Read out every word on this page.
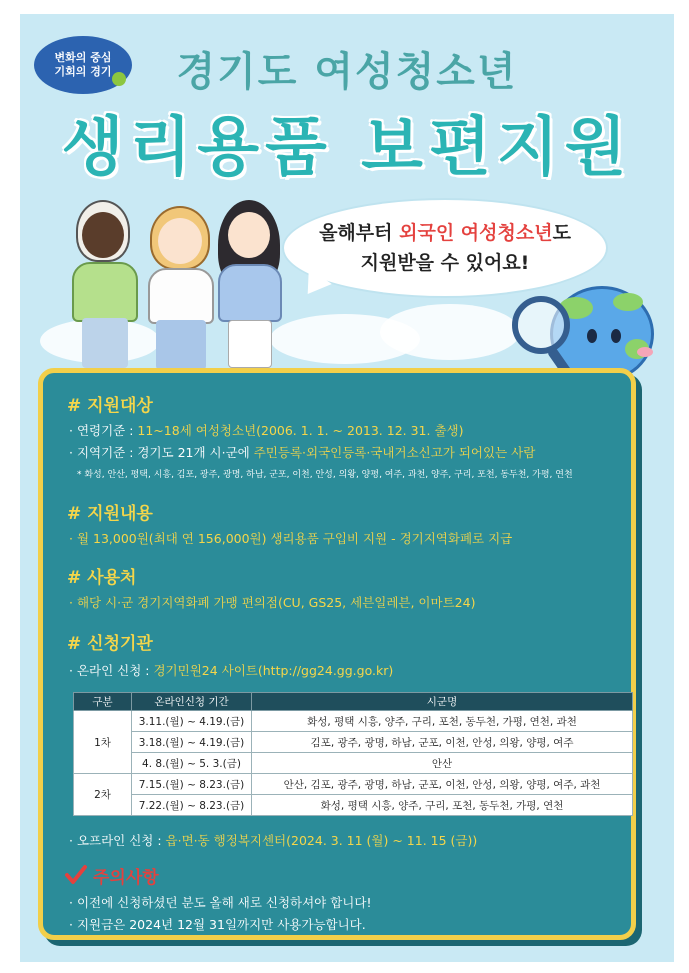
변화의 중심
기회의 경기	경기도 여성청소년
생리용품 보편지원
올해부터 외국인 여성청소년도
지원받을 수 있어요!
# 지원대상
· 연령기준 : 11~18세 여성청소년(2006. 1. 1. ~ 2013. 12. 31. 출생)
· 지역기준 : 경기도 21개 시·군에 주민등록·외국인등록·국내거소신고가 되어있는 사람
* 화성, 안산, 평택, 시흥, 김포, 광주, 광명, 하남, 군포, 이천, 안성, 의왕, 양평, 여주, 과천, 양주, 구리, 포천, 동두천, 가평, 연천
# 지원내용
· 월 13,000원(최대 연 156,000원) 생리용품 구입비 지원 - 경기지역화폐로 지급
# 사용처
· 해당 시·군 경기지역화폐 가맹 편의점(CU, GS25, 세븐일레븐, 이마트24)
# 신청기관
· 온라인 신청 : 경기민원24 사이트(http://gg24.gg.go.kr)
구분	온라인신청 기간	시군명
1차	3.11.(월) ~ 4.19.(금)	화성, 평택 시흥, 양주, 구리, 포천, 동두천, 가평, 연천, 과천
	3.18.(월) ~ 4.19.(금)	김포, 광주, 광명, 하남, 군포, 이천, 안성, 의왕, 양평, 여주
	4. 8.(월) ~ 5. 3.(금)	안산
2차	7.15.(월) ~ 8.23.(금)	안산, 김포, 광주, 광명, 하남, 군포, 이천, 안성, 의왕, 양평, 여주, 과천
	7.22.(월) ~ 8.23.(금)	화성, 평택 시흥, 양주, 구리, 포천, 동두천, 가평, 연천
· 오프라인 신청 : 읍·면·동 행정복지센터(2024. 3. 11 (월) ~ 11. 15 (금))
주의사항
· 이전에 신청하셨던 분도 올해 새로 신청하셔야 합니다!
· 지원금은 2024년 12월 31일까지만 사용가능합니다.
